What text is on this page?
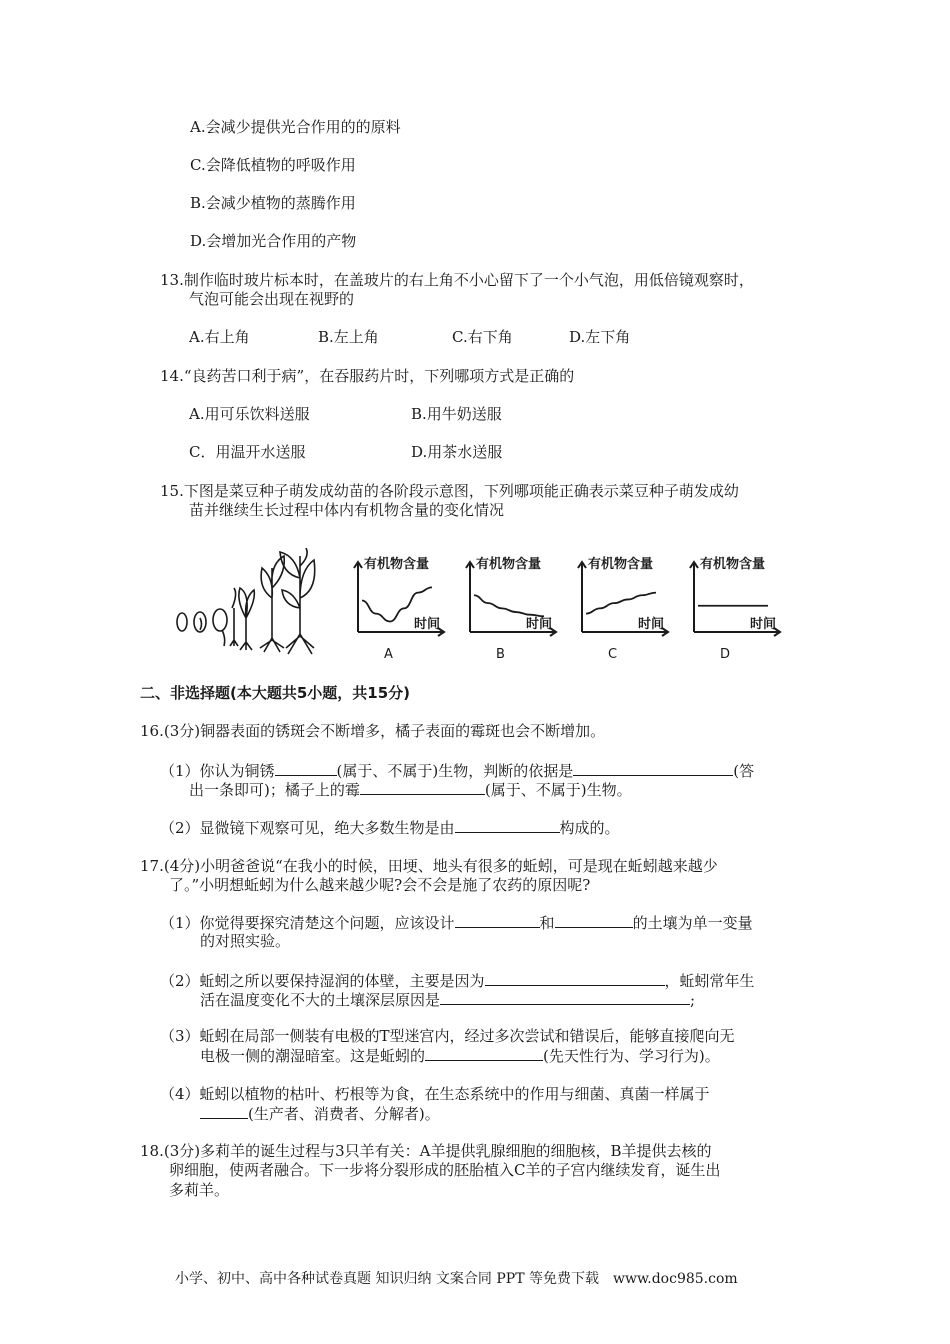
A.会减少提供光合作用的的原料
C.会降低植物的呼吸作用
B.会减少植物的蒸腾作用
D.会增加光合作用的产物
13.制作临时玻片标本时，在盖玻片的右上角不小心留下了一个小气泡，用低倍镜观察时，
气泡可能会出现在视野的
A.右上角	B.左上角	C.右下角	D.左下角
14.“良药苦口利于病”，在吞服药片时，下列哪项方式是正确的
A.用可乐饮料送服	B.用牛奶送服
C．用温开水送服	D.用茶水送服
15.下图是菜豆种子萌发成幼苗的各阶段示意图，下列哪项能正确表示菜豆种子萌发成幼
苗并继续生长过程中体内有机物含量的变化情况
有机物含量
时间
A
有机物含量
时间
B
有机物含量
时间
C
有机物含量
时间
D
二、非选择题(本大题共5小题，共15分)
16.(3分)铜器表面的锈斑会不断增多，橘子表面的霉斑也会不断增加。
（1）你认为铜锈	(属于、不属于)生物，判断的依据是	(答
出一条即可)；橘子上的霉	(属于、不属于)生物。
（2）显微镜下观察可见，绝大多数生物是由	构成的。
17.(4分)小明爸爸说“在我小的时候，田埂、地头有很多的蚯蚓，可是现在蚯蚓越来越少
了。”小明想蚯蚓为什么越来越少呢?会不会是施了农药的原因呢?
（1）你觉得要探究清楚这个问题，应该设计	和	的土壤为单一变量
的对照实验。
（2）蚯蚓之所以要保持湿润的体壁，主要是因为	，蚯蚓常年生
活在温度变化不大的土壤深层原因是	;
（3）蚯蚓在局部一侧装有电极的T型迷宫内，经过多次尝试和错误后，能够直接爬向无
电极一侧的潮湿暗室。这是蚯蚓的	(先天性行为、学习行为)。
（4）蚯蚓以植物的枯叶、朽根等为食，在生态系统中的作用与细菌、真菌一样属于
(生产者、消费者、分解者)。
18.(3分)多莉羊的诞生过程与3只羊有关：A羊提供乳腺细胞的细胞核，B羊提供去核的
卵细胞，使两者融合。下一步将分裂形成的胚胎植入C羊的子宫内继续发育，诞生出
多莉羊。
小学、初中、高中各种试卷真题 知识归纳 文案合同 PPT 等免费下载　www.doc985.com
